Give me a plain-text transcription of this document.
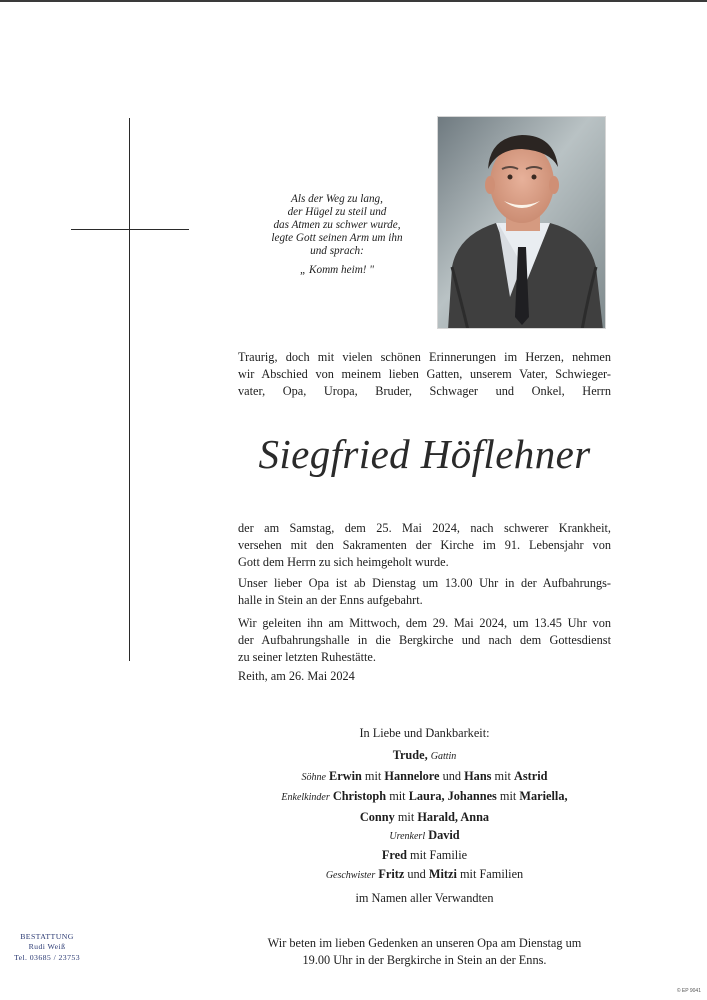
Als der Weg zu lang,
der Hügel zu steil und
das Atmen zu schwer wurde,
legte Gott seinen Arm um ihn
und sprach:
„ Komm heim! "
Traurig, doch mit vielen schönen Erinnerungen im Herzen, nehmen
wir Abschied von meinem lieben Gatten, unserem Vater, Schwieger-
vater, Opa, Uropa, Bruder, Schwager und Onkel, Herrn
Siegfried Höflehner
der am Samstag, dem 25. Mai 2024, nach schwerer Krankheit,
versehen mit den Sakramenten der Kirche im 91. Lebensjahr von
Gott dem Herrn zu sich heimgeholt wurde.
Unser lieber Opa ist ab Dienstag um 13.00 Uhr in der Aufbahrungs-
halle in Stein an der Enns aufgebahrt.
Wir geleiten ihn am Mittwoch, dem 29. Mai 2024, um 13.45 Uhr von
der Aufbahrungshalle in die Bergkirche und nach dem Gottesdienst
zu seiner letzten Ruhestätte.
Reith, am 26. Mai 2024
In Liebe und Dankbarkeit:
Trude, Gattin
Söhne Erwin mit Hannelore und Hans mit Astrid
Enkelkinder Christoph mit Laura, Johannes mit Mariella,
Conny mit Harald, Anna
Urenkerl David
Fred mit Familie
Geschwister Fritz und Mitzi mit Familien
im Namen aller Verwandten
BESTATTUNG
Rudi Weiß
Tel. 03685 / 23753
Wir beten im lieben Gedenken an unseren Opa am Dienstag um
19.00 Uhr in der Bergkirche in Stein an der Enns.
© EP 9041
